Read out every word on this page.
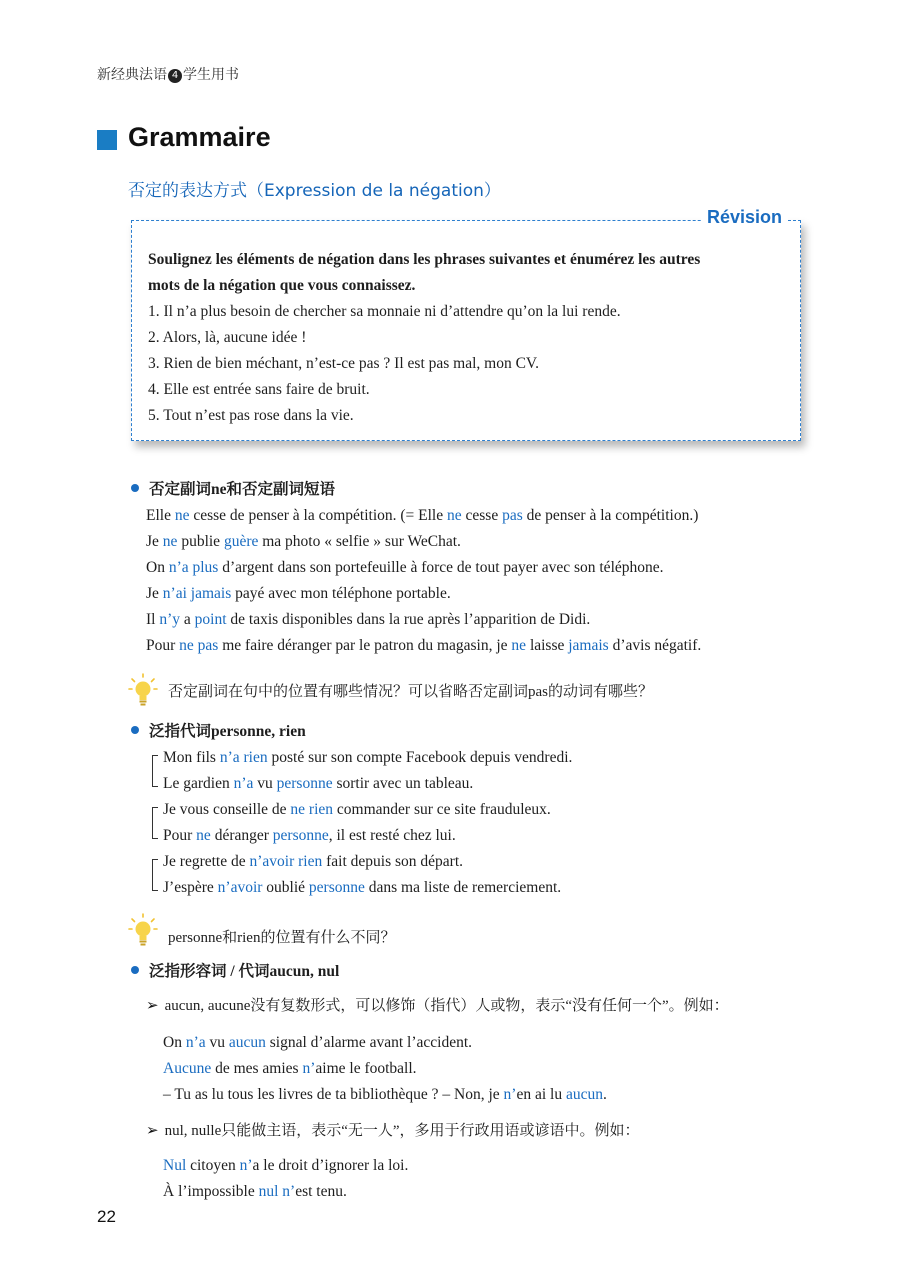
新经典法语 4 学生用书
Grammaire
否定的表达方式（Expression de la négation）
Révision
Soulignez les éléments de négation dans les phrases suivantes et énumérez les autres
mots de la négation que vous connaissez.
1. Il n’a plus besoin de chercher sa monnaie ni d’attendre qu’on la lui rende.
2. Alors, là, aucune idée !
3. Rien de bien méchant, n’est-ce pas ? Il est pas mal, mon CV.
4. Elle est entrée sans faire de bruit.
5. Tout n’est pas rose dans la vie.
否定副词ne和否定副词短语
Elle ne cesse de penser à la compétition. (= Elle ne cesse pas de penser à la compétition.)
Je ne publie guère ma photo « selfie » sur WeChat.
On n’a plus d’argent dans son portefeuille à force de tout payer avec son téléphone.
Je n’ai jamais payé avec mon téléphone portable.
Il n’y a point de taxis disponibles dans la rue après l’apparition de Didi.
Pour ne pas me faire déranger par le patron du magasin, je ne laisse jamais d’avis négatif.
否定副词在句中的位置有哪些情况？可以省略否定副词pas的动词有哪些？
泛指代词personne, rien
Mon fils n’a rien posté sur son compte Facebook depuis vendredi.
Le gardien n’a vu personne sortir avec un tableau.
Je vous conseille de ne rien commander sur ce site frauduleux.
Pour ne déranger personne, il est resté chez lui.
Je regrette de n’avoir rien fait depuis son départ.
J’espère n’avoir oublié personne dans ma liste de remerciement.
personne和rien的位置有什么不同？
泛指形容词 / 代词aucun, nul
➢ aucun, aucune没有复数形式，可以修饰（指代）人或物，表示“没有任何一个”。例如：
On n’a vu aucun signal d’alarme avant l’accident.
Aucune de mes amies n’aime le football.
– Tu as lu tous les livres de ta bibliothèque ? – Non, je n’en ai lu aucun.
➢ nul, nulle只能做主语，表示“无一人”，多用于行政用语或谚语中。例如：
Nul citoyen n’a le droit d’ignorer la loi.
À l’impossible nul n’est tenu.
22
